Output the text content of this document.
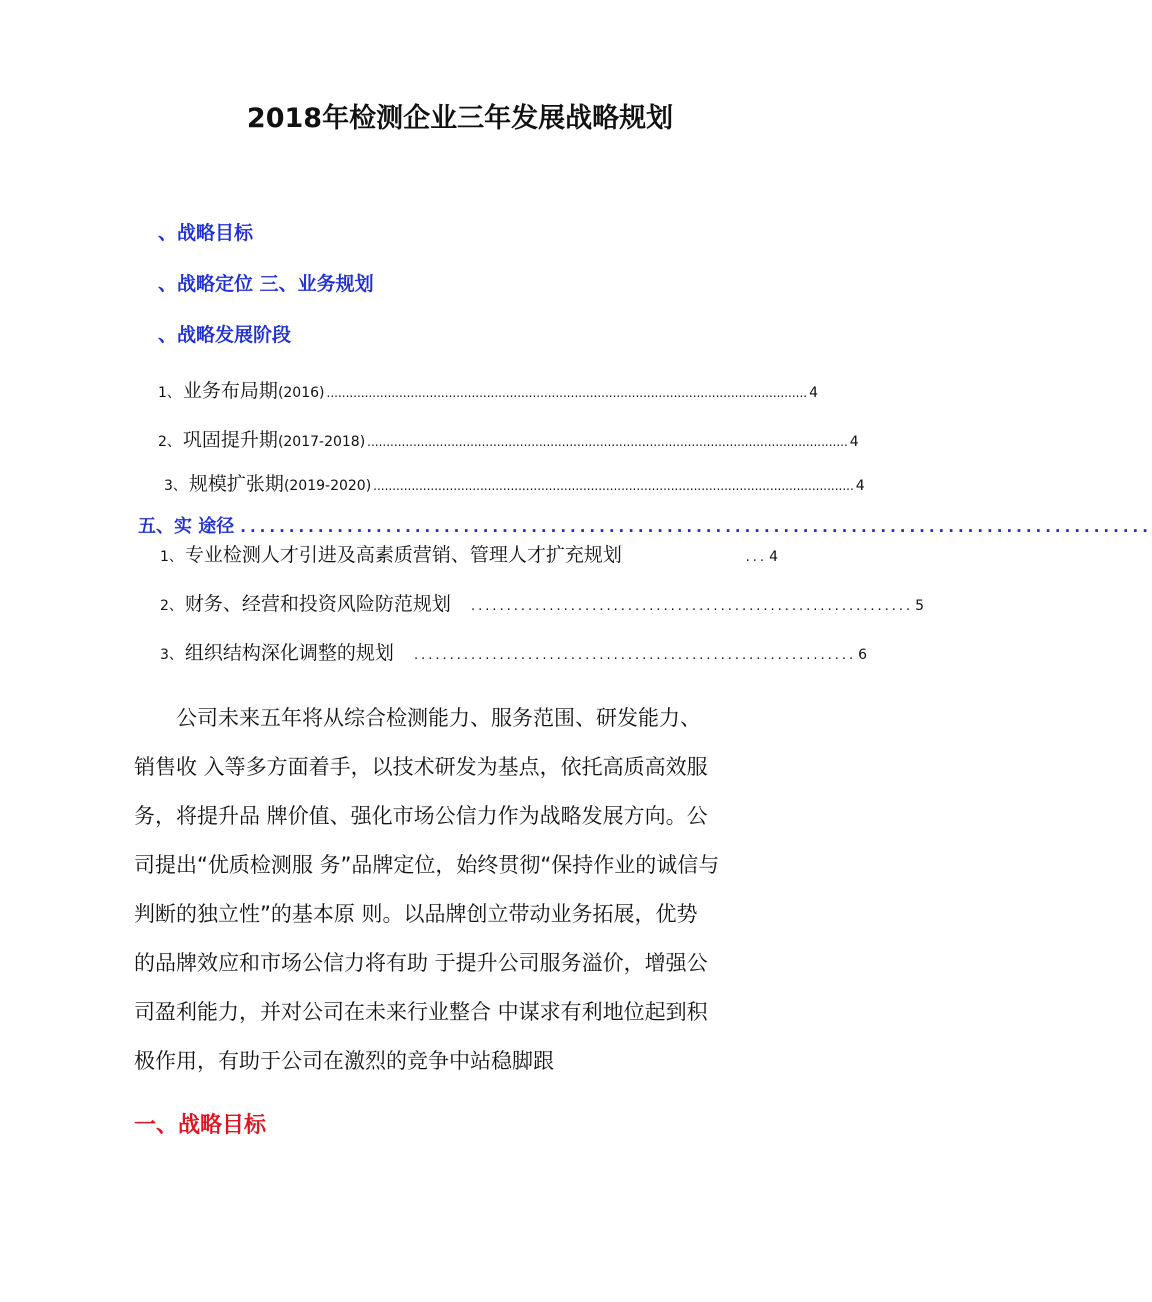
2018年检测企业三年发展战略规划
、战略目标
、战略定位 三、业务规划
、战略发展阶段
1、 业务布局期 (2016) .............................................................................................................................. 4
2、 巩固提升期 (2017-2018) .............................................................................................................................. 4
3、 规模扩张期 (2019-2020) .............................................................................................................................. 4
五、实 途径 ..............................................................................................
1、 专业检测人才引进及高素质营销、管理人才扩充规划	... 4
2、 财务、经营和投资风险防范规划 .............................................................. 5
3、 组织结构深化调整的规划 .............................................................. 6

公司未来五年将从综合检测能力、服务范围、研发能力、

销售收 入等多方面着手，以技术研发为基点，依托高质高效服

务，将提升品 牌价值、强化市场公信力作为战略发展方向。公

司提出“优质检测服 务”品牌定位，始终贯彻“保持作业的诚信与

判断的独立性”的基本原 则。以品牌创立带动业务拓展，优势

的品牌效应和市场公信力将有助 于提升公司服务溢价，增强公

司盈利能力，并对公司在未来行业整合 中谋求有利地位起到积

极作用，有助于公司在激烈的竞争中站稳脚跟

一、战略目标
